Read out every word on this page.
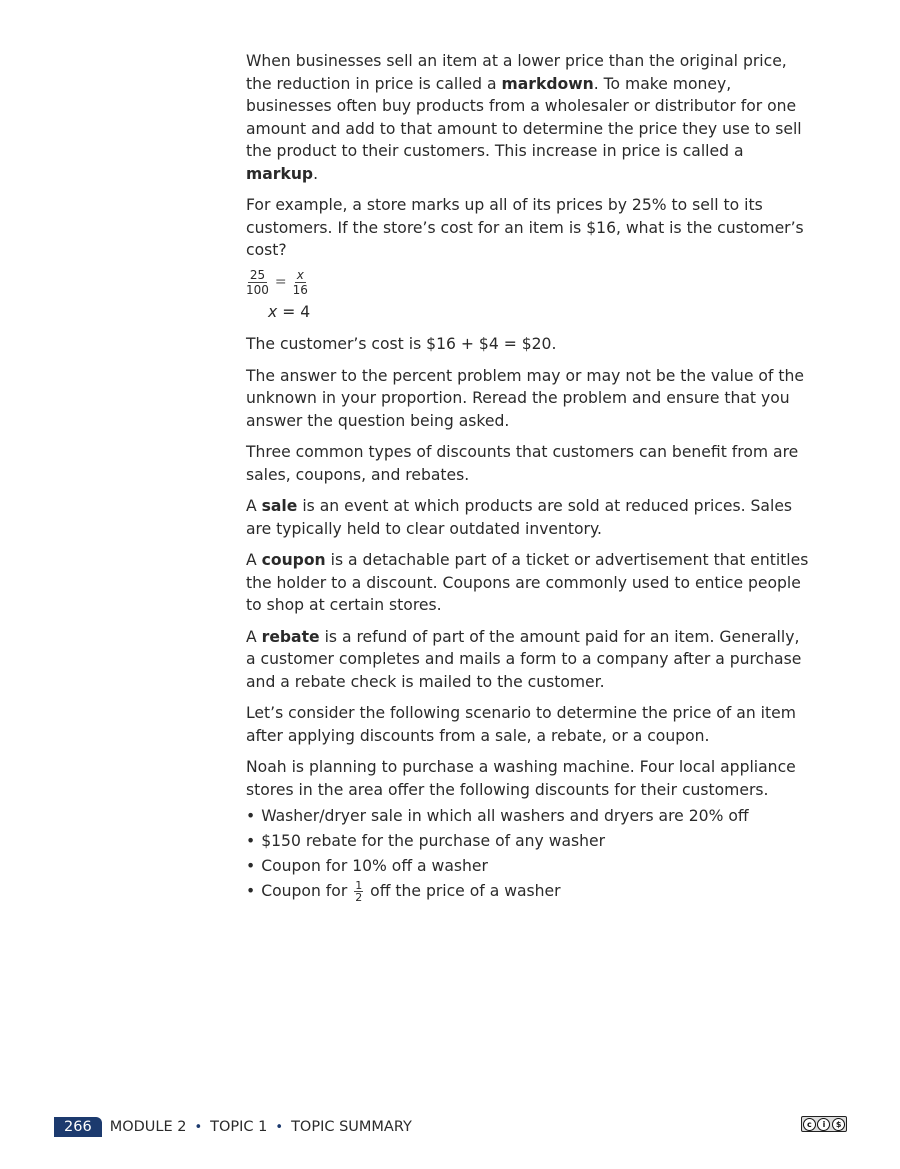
When businesses sell an item at a lower price than the original price, the reduction in price is called a markdown. To make money, businesses often buy products from a wholesaler or distributor for one amount and add to that amount to determine the price they use to sell the product to their customers. This increase in price is called a markup.

For example, a store marks up all of its prices by 25% to sell to its customers. If the store’s cost for an item is $16, what is the customer’s cost?

$\frac{25}{100} = \frac{x}{16}$
x = 4

The customer’s cost is $16 + $4 = $20.

The answer to the percent problem may or may not be the value of the unknown in your proportion. Reread the problem and ensure that you answer the question being asked.

Three common types of discounts that customers can benefit from are sales, coupons, and rebates.

A sale is an event at which products are sold at reduced prices. Sales are typically held to clear outdated inventory.

A coupon is a detachable part of a ticket or advertisement that entitles the holder to a discount. Coupons are commonly used to entice people to shop at certain stores.

A rebate is a refund of part of the amount paid for an item. Generally, a customer completes and mails a form to a company after a purchase and a rebate check is mailed to the customer.

Let’s consider the following scenario to determine the price of an item after applying discounts from a sale, a rebate, or a coupon.

Noah is planning to purchase a washing machine. Four local appliance stores in the area offer the following discounts for their customers.

• Washer/dryer sale in which all washers and dryers are 20% off
• $150 rebate for the purchase of any washer
• Coupon for 10% off a washer
• Coupon for $\frac{1}{2}$ off the price of a washer
266	MODULE 2 • TOPIC 1 • TOPIC SUMMARY	c	i	$
